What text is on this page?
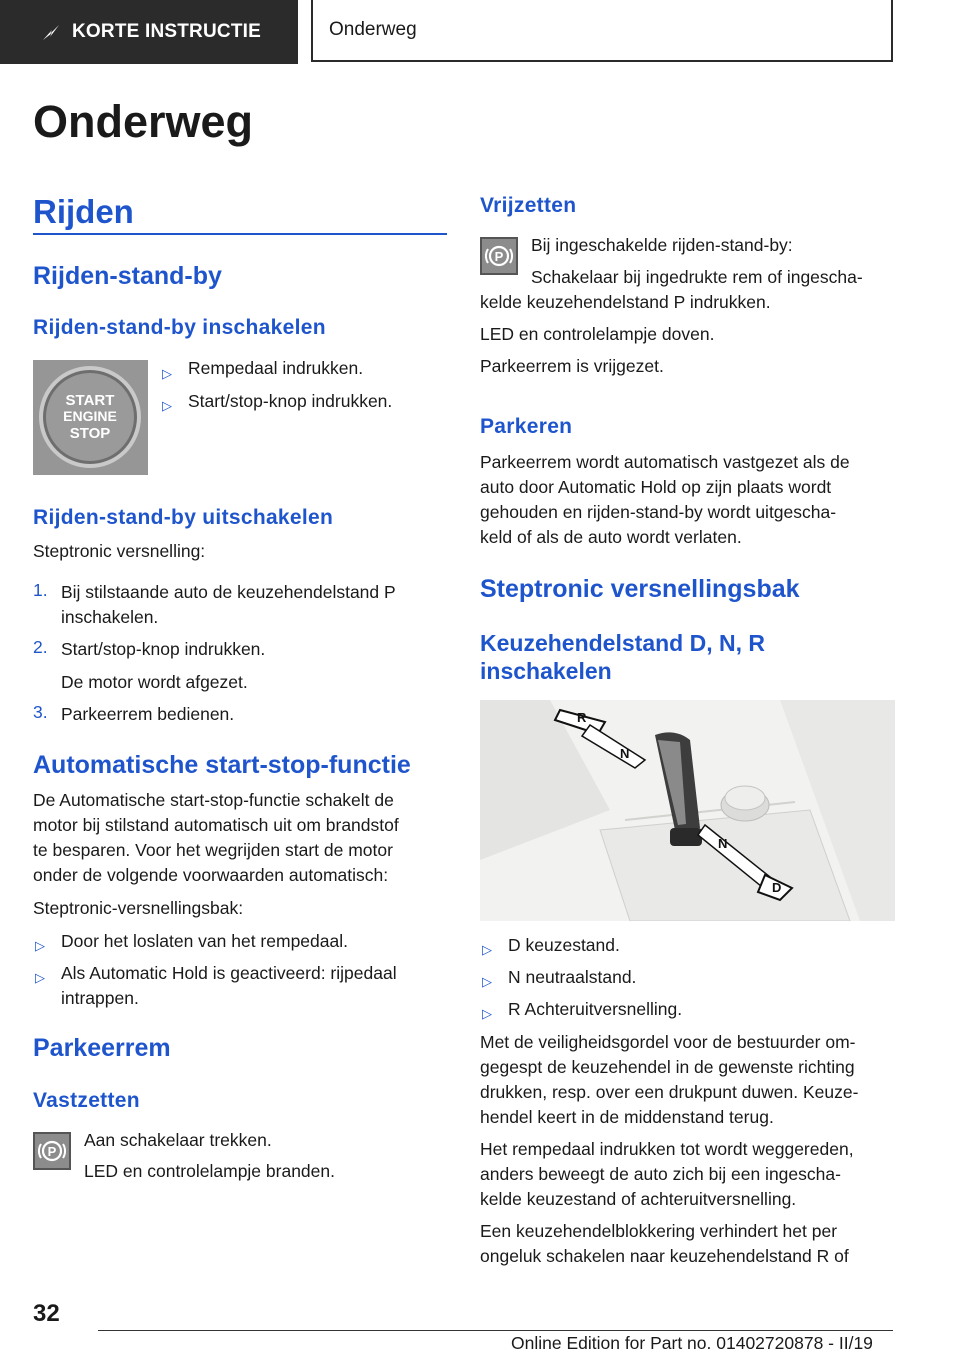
KORTE INSTRUCTIE	Onderweg
Onderweg
Rijden
Rijden-stand-by
Rijden-stand-by inschakelen
START
ENGINE
STOP
▷ Rempedaal indrukken.
▷ Start/stop-knop indrukken.
Rijden-stand-by uitschakelen
Steptronic versnelling:
1. Bij stilstaande auto de keuzehendelstand P
inschakelen.
2. Start/stop-knop indrukken.
De motor wordt afgezet.
3. Parkeerrem bedienen.
Automatische start-stop-functie
De Automatische start-stop-functie schakelt de
motor bij stilstand automatisch uit om brandstof
te besparen. Voor het wegrijden start de motor
onder de volgende voorwaarden automatisch:
Steptronic-versnellingsbak:
▷ Door het loslaten van het rempedaal.
▷ Als Automatic Hold is geactiveerd: rijpedaal
intrappen.
Parkeerrem
Vastzetten
P
Aan schakelaar trekken.
LED en controlelampje branden.
Vrijzetten
P
Bij ingeschakelde rijden-stand-by:
Schakelaar bij ingedrukte rem of ingescha-
kelde keuzehendelstand P indrukken.
LED en controlelampje doven.
Parkeerrem is vrijgezet.
Parkeren
Parkeerrem wordt automatisch vastgezet als de
auto door Automatic Hold op zijn plaats wordt
gehouden en rijden-stand-by wordt uitgescha-
keld of als de auto wordt verlaten.
Steptronic versnellingsbak
Keuzehendelstand D, N, R
inschakelen
R
N
N
D
▷ D keuzestand.
▷ N neutraalstand.
▷ R Achteruitversnelling.
Met de veiligheidsgordel voor de bestuurder om-
gegespt de keuzehendel in de gewenste richting
drukken, resp. over een drukpunt duwen. Keuze-
hendel keert in de middenstand terug.
Het rempedaal indrukken tot wordt weggereden,
anders beweegt de auto zich bij een ingescha-
kelde keuzestand of achteruitversnelling.
Een keuzehendelblokkering verhindert het per
ongeluk schakelen naar keuzehendelstand R of
32
Online Edition for Part no. 01402720878 - II/19
